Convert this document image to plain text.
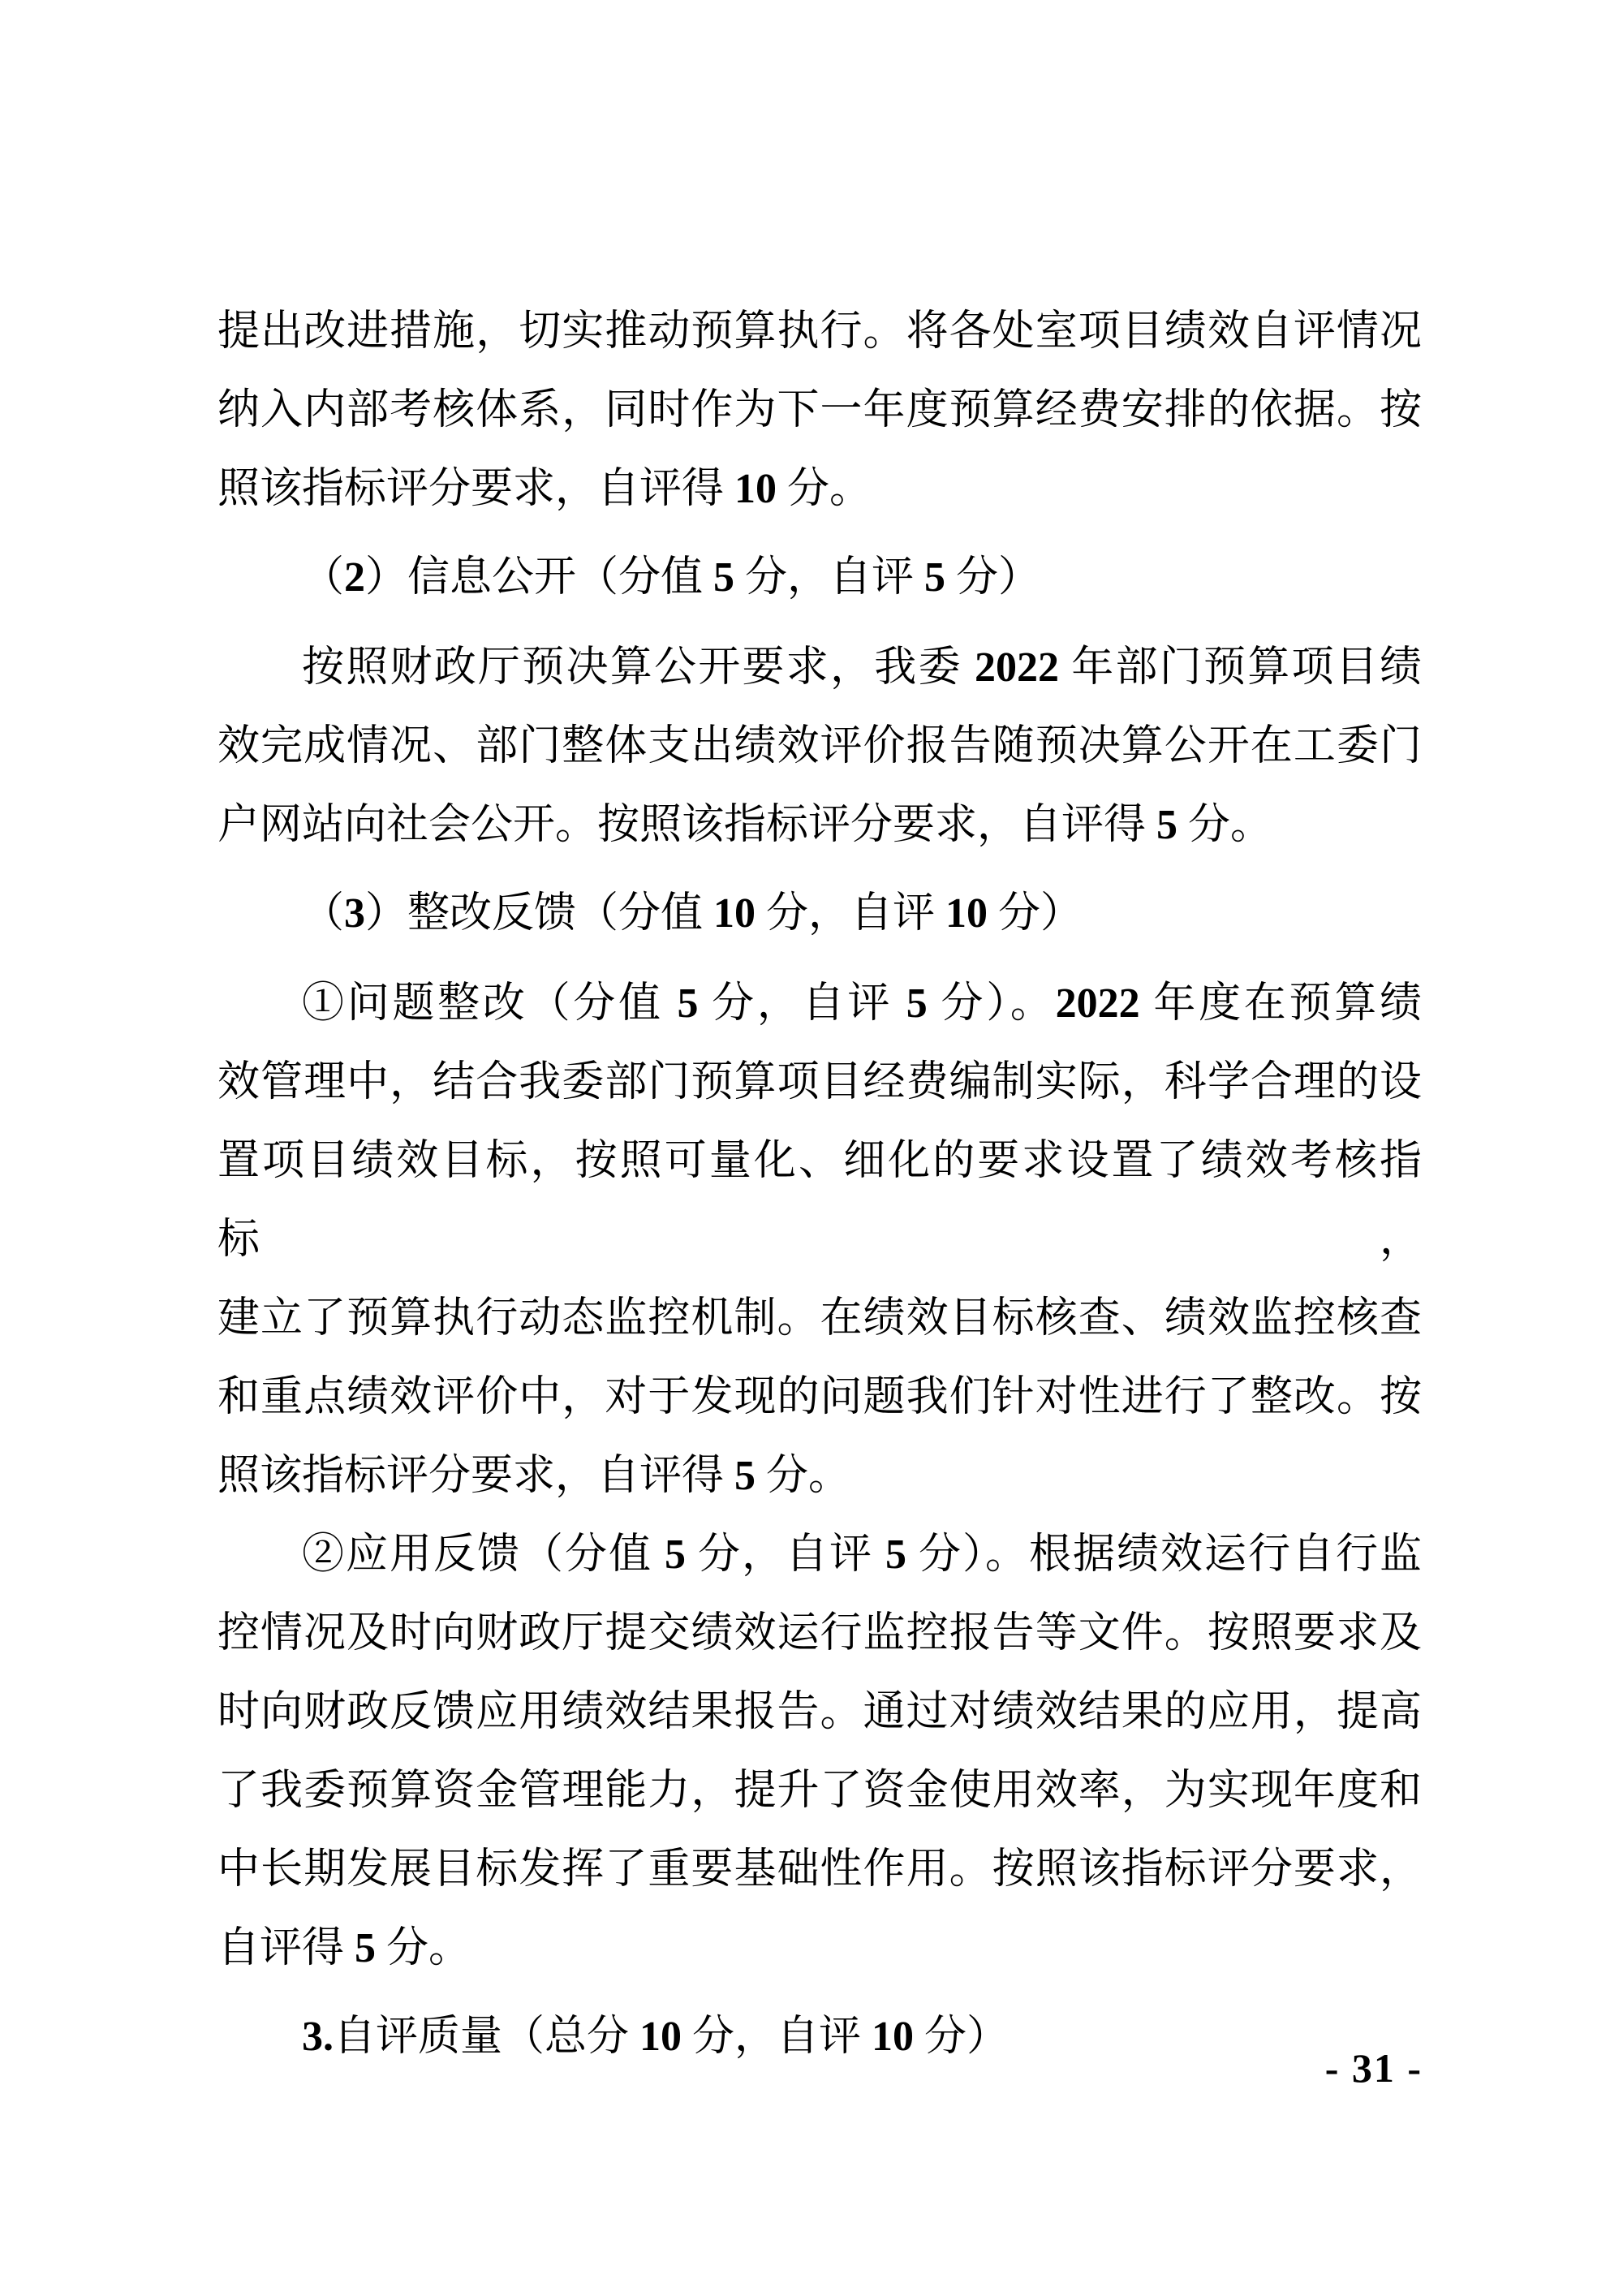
提出改进措施，切实推动预算执行。将各处室项目绩效自评情况
纳入内部考核体系，同时作为下一年度预算经费安排的依据。按
照该指标评分要求，自评得 10 分。
（2）信息公开（分值 5 分，自评 5 分）
按照财政厅预决算公开要求，我委 2022 年部门预算项目绩
效完成情况、部门整体支出绩效评价报告随预决算公开在工委门
户网站向社会公开。按照该指标评分要求，自评得 5 分。
（3）整改反馈（分值 10 分，自评 10 分）
①问题整改（分值 5 分，自评 5 分）。2022 年度在预算绩
效管理中，结合我委部门预算项目经费编制实际，科学合理的设
置项目绩效目标，按照可量化、细化的要求设置了绩效考核指标，
建立了预算执行动态监控机制。在绩效目标核查、绩效监控核查
和重点绩效评价中，对于发现的问题我们针对性进行了整改。按
照该指标评分要求，自评得 5 分。
②应用反馈（分值 5 分，自评 5 分）。根据绩效运行自行监
控情况及时向财政厅提交绩效运行监控报告等文件。按照要求及
时向财政反馈应用绩效结果报告。通过对绩效结果的应用，提高
了我委预算资金管理能力，提升了资金使用效率，为实现年度和
中长期发展目标发挥了重要基础性作用。按照该指标评分要求，
自评得 5 分。
3.自评质量（总分 10 分，自评 10 分）
- 31 -
